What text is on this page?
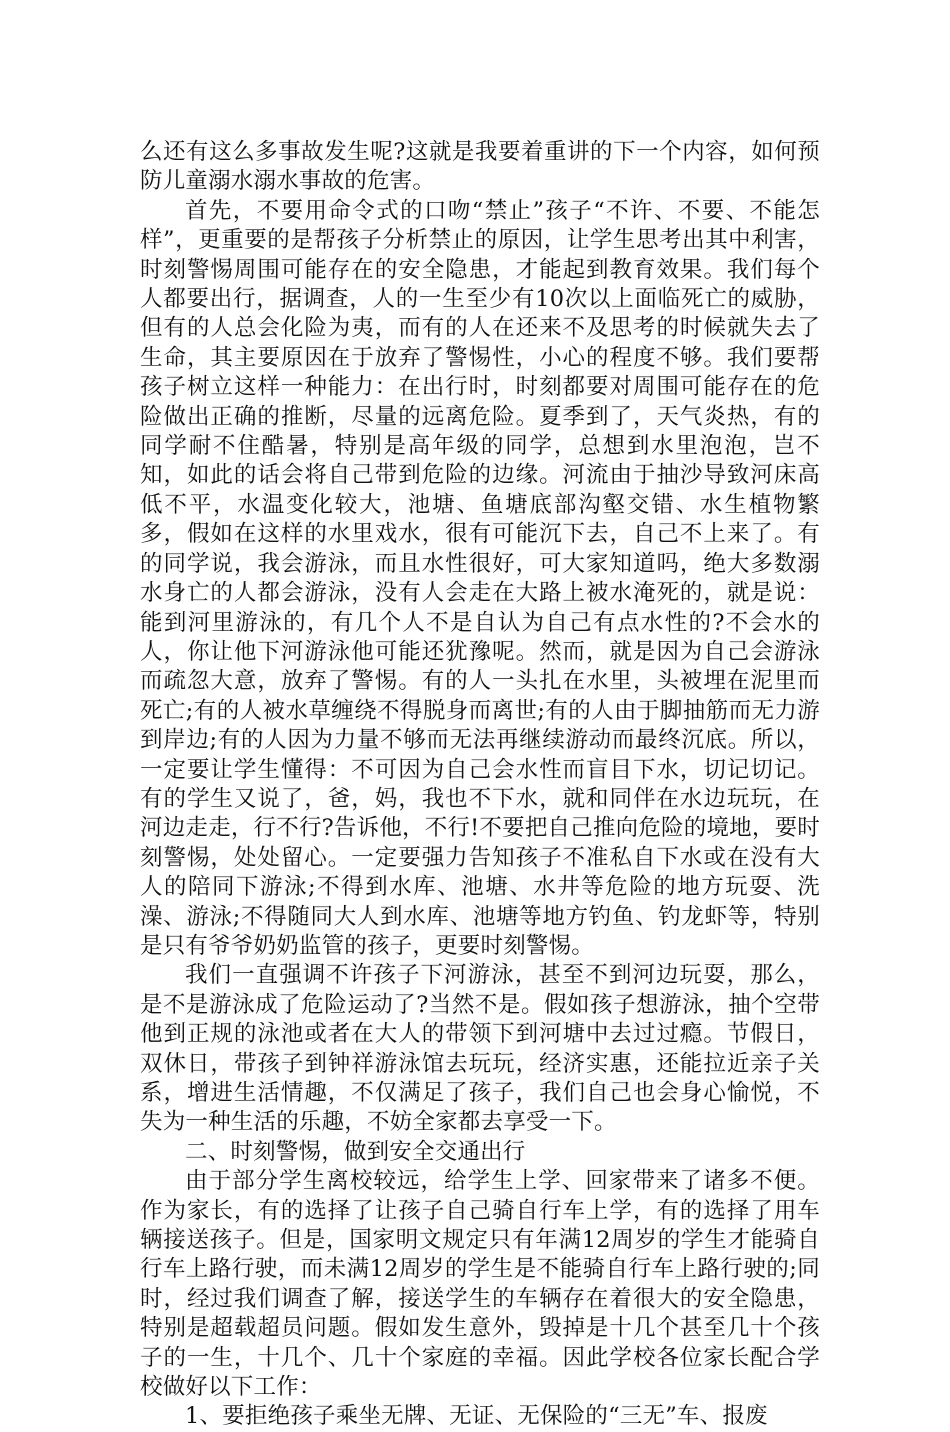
么还有这么多事故发生呢?这就是我要着重讲的下一个内容，如何预防儿童溺水溺水事故的危害。

首先，不要用命令式的口吻“禁止”孩子“不许、不要、不能怎样”，更重要的是帮孩子分析禁止的原因，让学生思考出其中利害，时刻警惕周围可能存在的安全隐患，才能起到教育效果。我们每个人都要出行，据调查，人的一生至少有10次以上面临死亡的威胁，但有的人总会化险为夷，而有的人在还来不及思考的时候就失去了生命，其主要原因在于放弃了警惕性，小心的程度不够。我们要帮孩子树立这样一种能力：在出行时，时刻都要对周围可能存在的危险做出正确的推断，尽量的远离危险。夏季到了，天气炎热，有的同学耐不住酷暑，特别是高年级的同学，总想到水里泡泡，岂不知，如此的话会将自己带到危险的边缘。河流由于抽沙导致河床高低不平，水温变化较大，池塘、鱼塘底部沟壑交错、水生植物繁多，假如在这样的水里戏水，很有可能沉下去，自己不上来了。有的同学说，我会游泳，而且水性很好，可大家知道吗，绝大多数溺水身亡的人都会游泳，没有人会走在大路上被水淹死的，就是说：能到河里游泳的，有几个人不是自认为自己有点水性的?不会水的人，你让他下河游泳他可能还犹豫呢。然而，就是因为自己会游泳而疏忽大意，放弃了警惕。有的人一头扎在水里，头被埋在泥里而死亡;有的人被水草缠绕不得脱身而离世;有的人由于脚抽筋而无力游到岸边;有的人因为力量不够而无法再继续游动而最终沉底。所以，一定要让学生懂得：不可因为自己会水性而盲目下水，切记切记。有的学生又说了，爸，妈，我也不下水，就和同伴在水边玩玩，在河边走走，行不行?告诉他，不行!不要把自己推向危险的境地，要时刻警惕，处处留心。一定要强力告知孩子不准私自下水或在没有大人的陪同下游泳;不得到水库、池塘、水井等危险的地方玩耍、洗澡、游泳;不得随同大人到水库、池塘等地方钓鱼、钓龙虾等，特别是只有爷爷奶奶监管的孩子，更要时刻警惕。

我们一直强调不许孩子下河游泳，甚至不到河边玩耍，那么，是不是游泳成了危险运动了?当然不是。假如孩子想游泳，抽个空带他到正规的泳池或者在大人的带领下到河塘中去过过瘾。节假日，双休日，带孩子到钟祥游泳馆去玩玩，经济实惠，还能拉近亲子关系，增进生活情趣，不仅满足了孩子，我们自己也会身心愉悦，不失为一种生活的乐趣，不妨全家都去享受一下。

二、时刻警惕，做到安全交通出行

由于部分学生离校较远，给学生上学、回家带来了诸多不便。作为家长，有的选择了让孩子自己骑自行车上学，有的选择了用车辆接送孩子。但是，国家明文规定只有年满12周岁的学生才能骑自行车上路行驶，而未满12周岁的学生是不能骑自行车上路行驶的;同时，经过我们调查了解，接送学生的车辆存在着很大的安全隐患，特别是超载超员问题。假如发生意外，毁掉是十几个甚至几十个孩子的一生，十几个、几十个家庭的幸福。因此学校各位家长配合学校做好以下工作：

1、要拒绝孩子乘坐无牌、无证、无保险的“三无”车、报废
